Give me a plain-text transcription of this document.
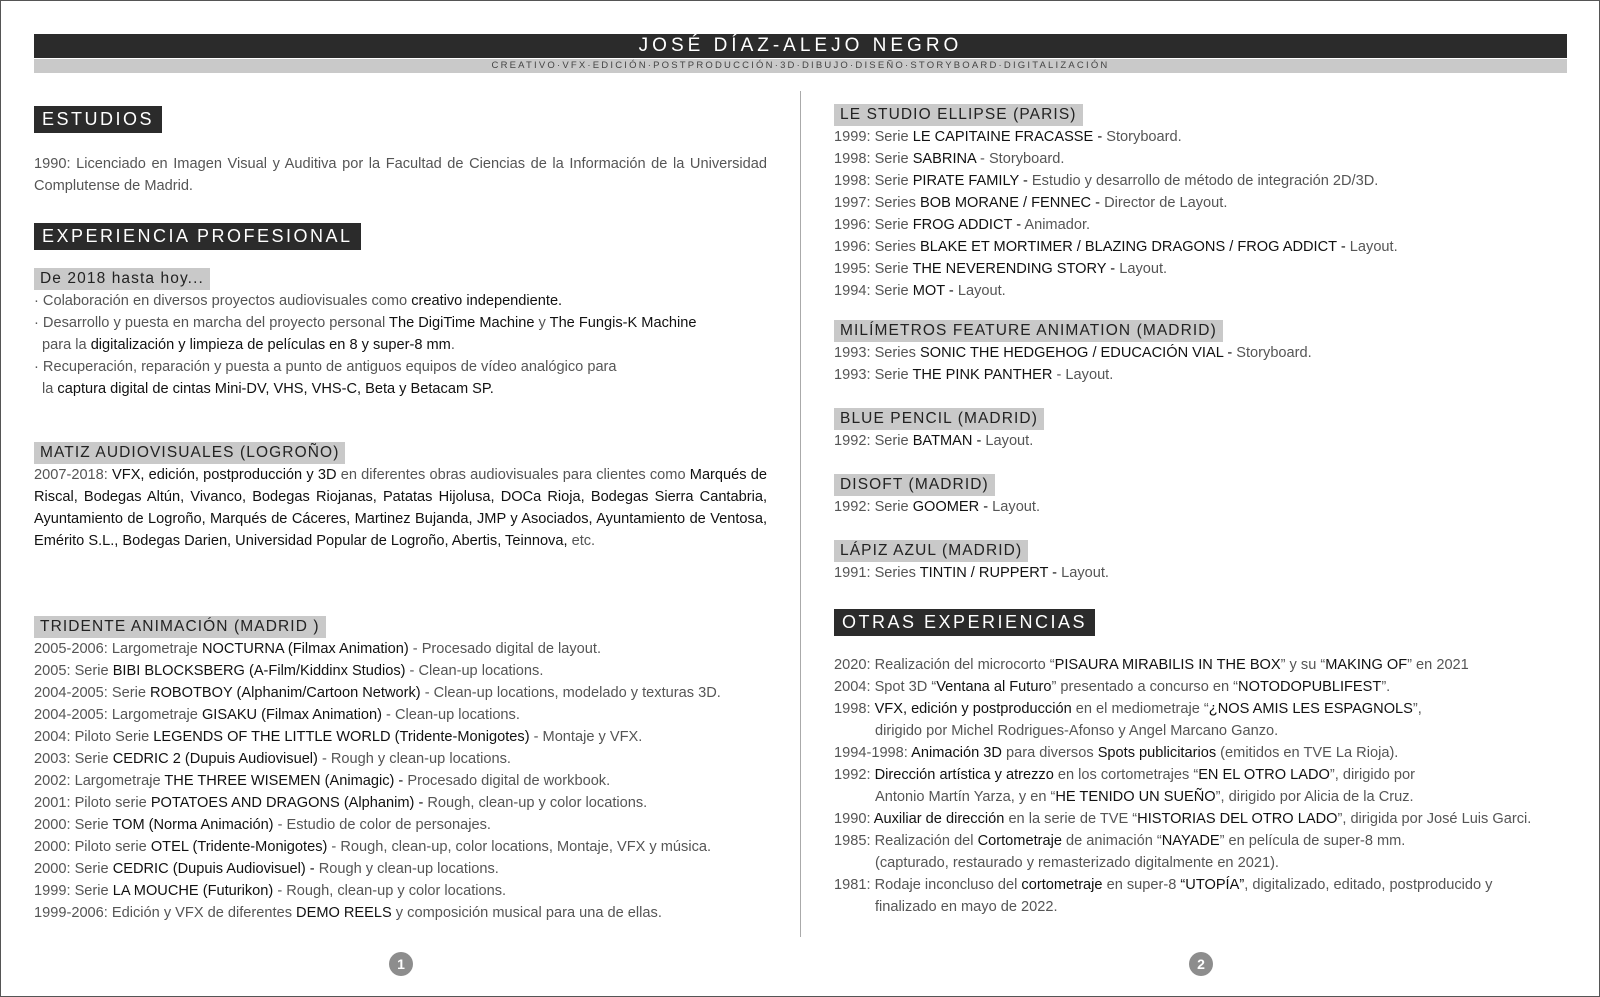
JOSÉ DÍAZ-ALEJO NEGRO
CREATIVO·VFX·EDICIÓN·POSTPRODUCCIÓN·3D·DIBUJO·DISEÑO·STORYBOARD·DIGITALIZACIÓN
ESTUDIOS
1990: Licenciado en Imagen Visual y Auditiva por la Facultad de Ciencias de la Información de la Universidad Complutense de Madrid.
EXPERIENCIA PROFESIONAL
De 2018 hasta hoy...
· Colaboración en diversos proyectos audiovisuales como creativo independiente.
· Desarrollo y puesta en marcha del proyecto personal The DigiTime Machine y The Fungis-K Machine
para la digitalización y limpieza de películas en 8 y super-8 mm.
· Recuperación, reparación y puesta a punto de antiguos equipos de vídeo analógico para
la captura digital de cintas Mini-DV, VHS, VHS-C, Beta y Betacam SP.
MATIZ AUDIOVISUALES (LOGROÑO)
2007-2018: VFX, edición, postproducción y 3D en diferentes obras audiovisuales para clientes como Marqués de Riscal, Bodegas Altún, Vivanco, Bodegas Riojanas, Patatas Hijolusa, DOCa Rioja, Bodegas Sierra Cantabria, Ayuntamiento de Logroño, Marqués de Cáceres, Martinez Bujanda, JMP y Asociados, Ayuntamiento de Ventosa, Emérito S.L., Bodegas Darien, Universidad Popular de Logroño, Abertis, Teinnova, etc.
TRIDENTE ANIMACIÓN (MADRID )
2005-2006: Largometraje NOCTURNA (Filmax Animation) - Procesado digital de layout.
2005: Serie BIBI BLOCKSBERG (A-Film/Kiddinx Studios) - Clean-up locations.
2004-2005: Serie ROBOTBOY (Alphanim/Cartoon Network) - Clean-up locations, modelado y texturas 3D.
2004-2005: Largometraje GISAKU (Filmax Animation) - Clean-up locations.
2004: Piloto Serie LEGENDS OF THE LITTLE WORLD (Tridente-Monigotes) - Montaje y VFX.
2003: Serie CEDRIC 2 (Dupuis Audiovisuel) - Rough y clean-up locations.
2002: Largometraje THE THREE WISEMEN (Animagic) - Procesado digital de workbook.
2001: Piloto serie POTATOES AND DRAGONS (Alphanim) - Rough, clean-up y color locations.
2000: Serie TOM (Norma Animación) - Estudio de color de personajes.
2000: Piloto serie OTEL (Tridente-Monigotes) - Rough, clean-up, color locations, Montaje, VFX y música.
2000: Serie CEDRIC (Dupuis Audiovisuel) - Rough y clean-up locations.
1999: Serie LA MOUCHE (Futurikon) - Rough, clean-up y color locations.
1999-2006: Edición y VFX de diferentes DEMO REELS y composición musical para una de ellas.
LE STUDIO ELLIPSE (PARIS)
1999: Serie LE CAPITAINE FRACASSE - Storyboard.
1998: Serie SABRINA - Storyboard.
1998: Serie PIRATE FAMILY - Estudio y desarrollo de método de integración 2D/3D.
1997: Series BOB MORANE / FENNEC - Director de Layout.
1996: Serie FROG ADDICT - Animador.
1996: Series BLAKE ET MORTIMER / BLAZING DRAGONS / FROG ADDICT - Layout.
1995: Serie THE NEVERENDING STORY - Layout.
1994: Serie MOT - Layout.
MILÍMETROS FEATURE ANIMATION (MADRID)
1993: Series SONIC THE HEDGEHOG / EDUCACIÓN VIAL - Storyboard.
1993: Serie THE PINK PANTHER - Layout.
BLUE PENCIL (MADRID)
1992: Serie BATMAN - Layout.
DISOFT (MADRID)
1992: Serie GOOMER - Layout.
LÁPIZ AZUL (MADRID)
1991: Series TINTIN / RUPPERT - Layout.
OTRAS EXPERIENCIAS
2020: Realización del microcorto “PISAURA MIRABILIS IN THE BOX” y su “MAKING OF” en 2021
2004: Spot 3D “Ventana al Futuro” presentado a concurso en “NOTODOPUBLIFEST”.
1998: VFX, edición y postproducción en el mediometraje “¿NOS AMIS LES ESPAGNOLS”,
dirigido por Michel Rodrigues-Afonso y Angel Marcano Ganzo.
1994-1998: Animación 3D para diversos Spots publicitarios (emitidos en TVE La Rioja).
1992: Dirección artística y atrezzo en los cortometrajes “EN EL OTRO LADO”, dirigido por
Antonio Martín Yarza, y en “HE TENIDO UN SUEÑO”, dirigido por Alicia de la Cruz.
1990: Auxiliar de dirección en la serie de TVE “HISTORIAS DEL OTRO LADO”, dirigida por José Luis Garci.
1985: Realización del Cortometraje de animación “NAYADE” en película de super-8 mm.
(capturado, restaurado y remasterizado digitalmente en 2021).
1981: Rodaje inconcluso del cortometraje en super-8 “UTOPÍA”, digitalizado, editado, postproducido y
finalizado en mayo de 2022.
1	2
